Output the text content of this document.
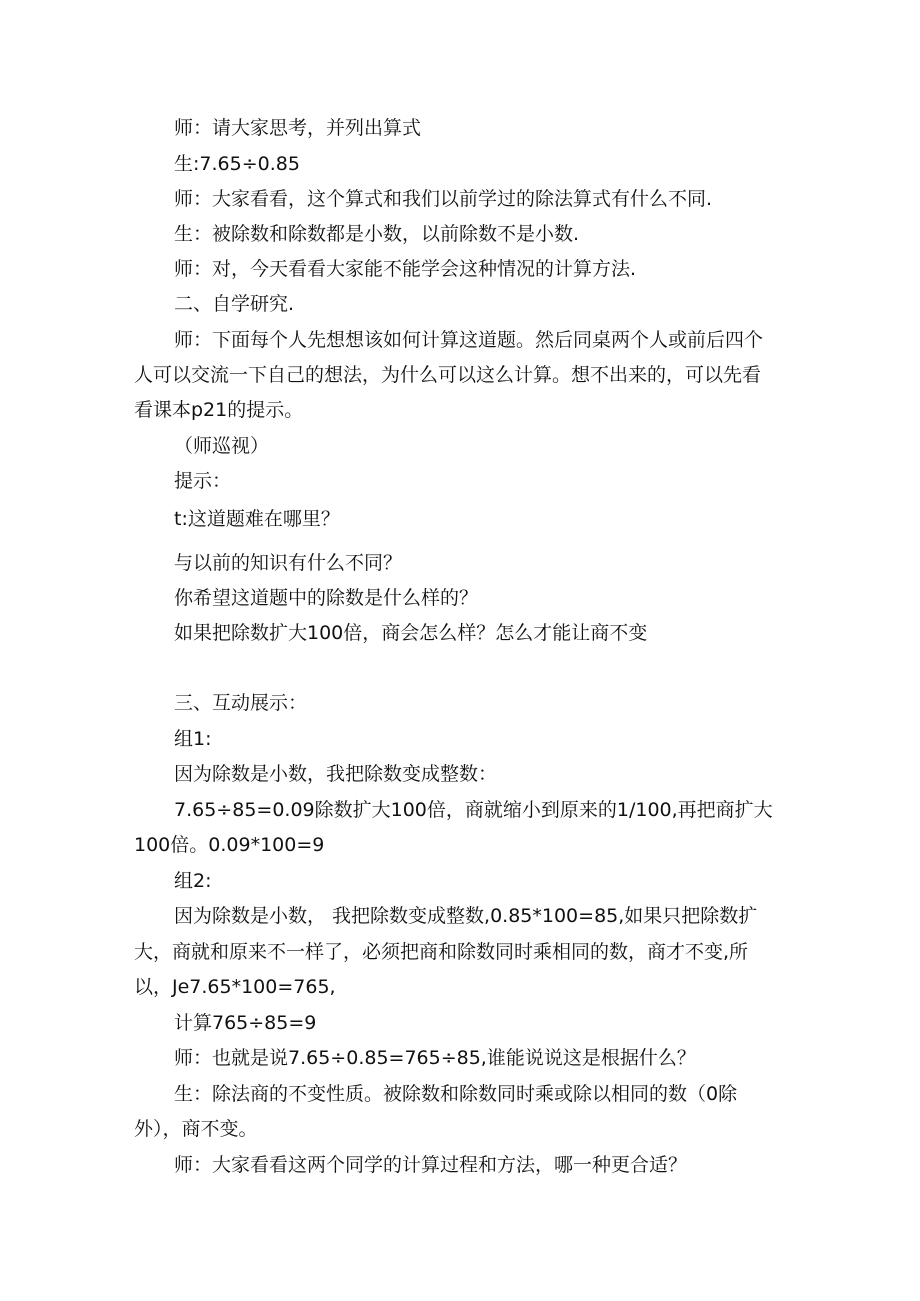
师：请大家思考，并列出算式
生:7.65÷0.85
师：大家看看，这个算式和我们以前学过的除法算式有什么不同.
生：被除数和除数都是小数，以前除数不是小数.
师：对，今天看看大家能不能学会这种情况的计算方法.
二、自学研究.
师：下面每个人先想想该如何计算这道题。然后同桌两个人或前后四个
人可以交流一下自己的想法，为什么可以这么计算。想不出来的，可以先看
看课本p21的提示。
（师巡视）
提示：
t:这道题难在哪里？
与以前的知识有什么不同？
你希望这道题中的除数是什么样的？
如果把除数扩大100倍，商会怎么样？怎么才能让商不变
三、互动展示：
组1:
因为除数是小数，我把除数变成整数：
7.65÷85=0.09除数扩大100倍，商就缩小到原来的1/100,再把商扩大
100倍。0.09*100=9
组2:
因为除数是小数， 我把除数变成整数,0.85*100=85,如果只把除数扩
大，商就和原来不一样了，必须把商和除数同时乘相同的数，商才不变,所
以，Je7.65*100=765,
计算765÷85=9
师：也就是说7.65÷0.85=765÷85,谁能说说这是根据什么？
生：除法商的不变性质。被除数和除数同时乘或除以相同的数（0除
外），商不变。
师：大家看看这两个同学的计算过程和方法，哪一种更合适？
